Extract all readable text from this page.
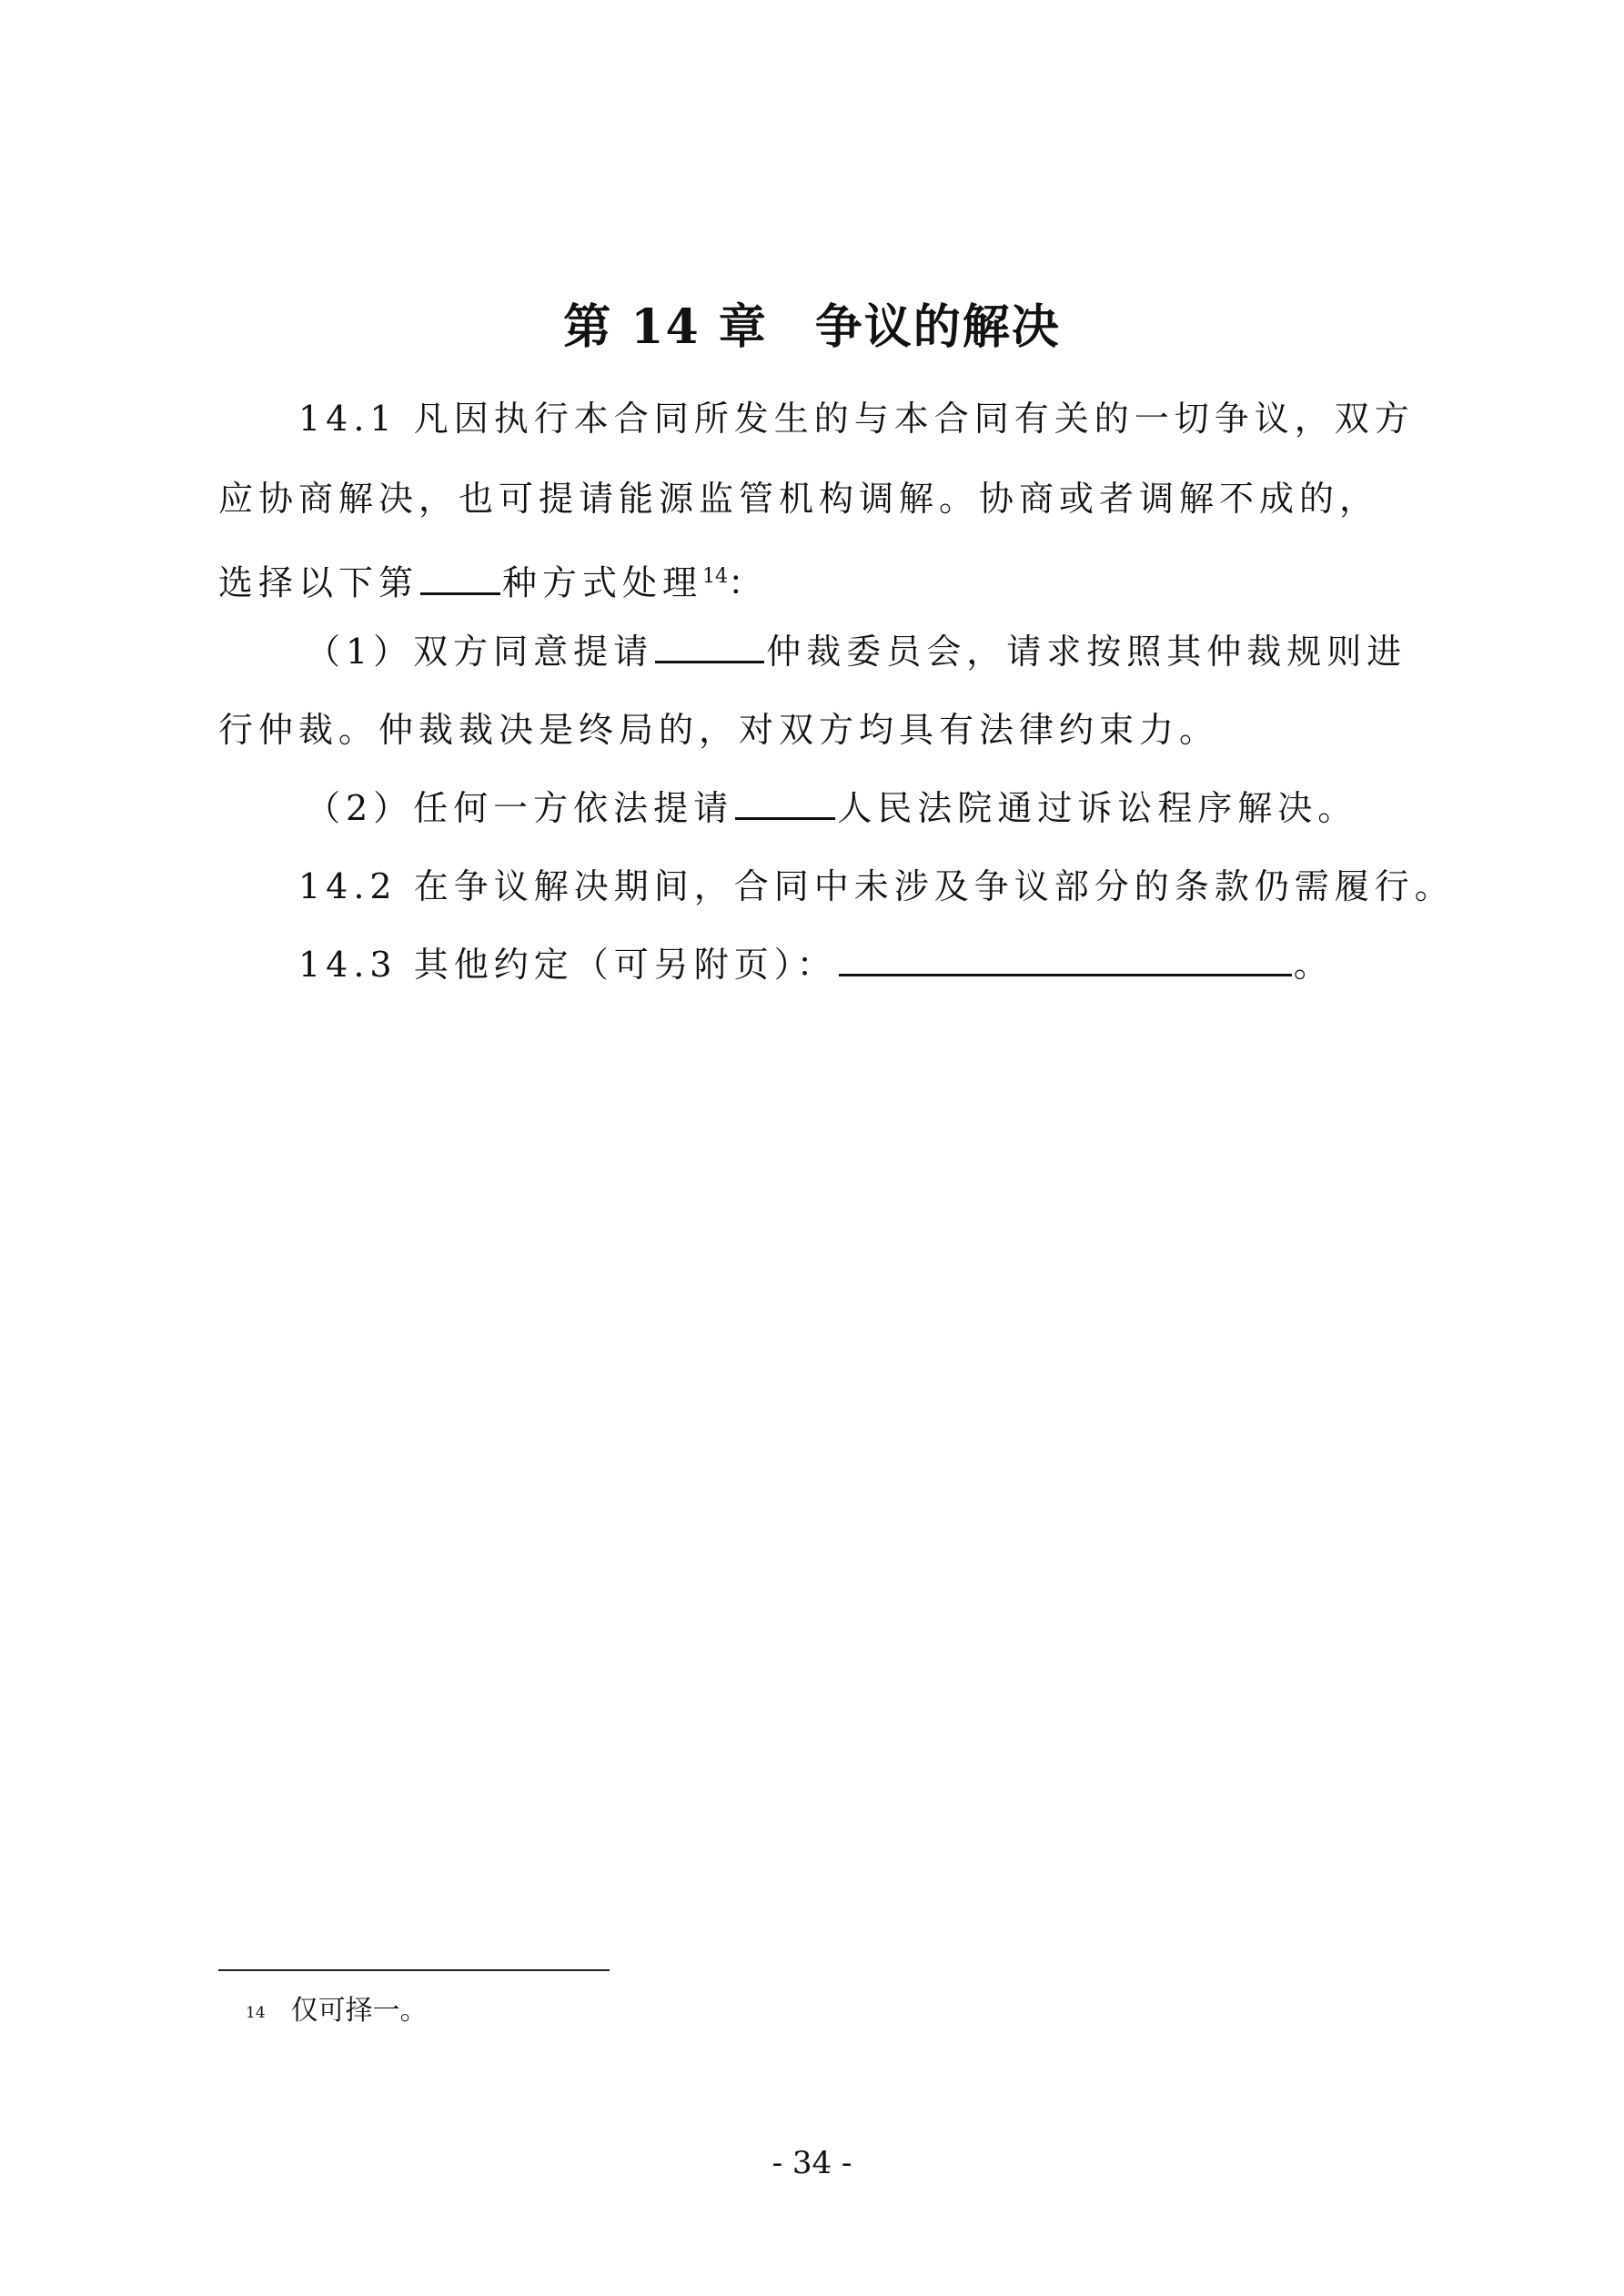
第 14 章 争议的解决
14.1 凡因执行本合同所发生的与本合同有关的一切争议，双方
应协商解决，也可提请能源监管机构调解。协商或者调解不成的，
选择以下第 种方式处理$^{14}$：
（1）双方同意提请	仲裁委员会，请求按照其仲裁规则进
行仲裁。仲裁裁决是终局的，对双方均具有法律约束力。
（2）任何一方依法提请	人民法院通过诉讼程序解决。
14.2 在争议解决期间，合同中未涉及争议部分的条款仍需履行。
14.3 其他约定（可另附页）：	。
$^{14}$ 仅可择一。
- 34 -
